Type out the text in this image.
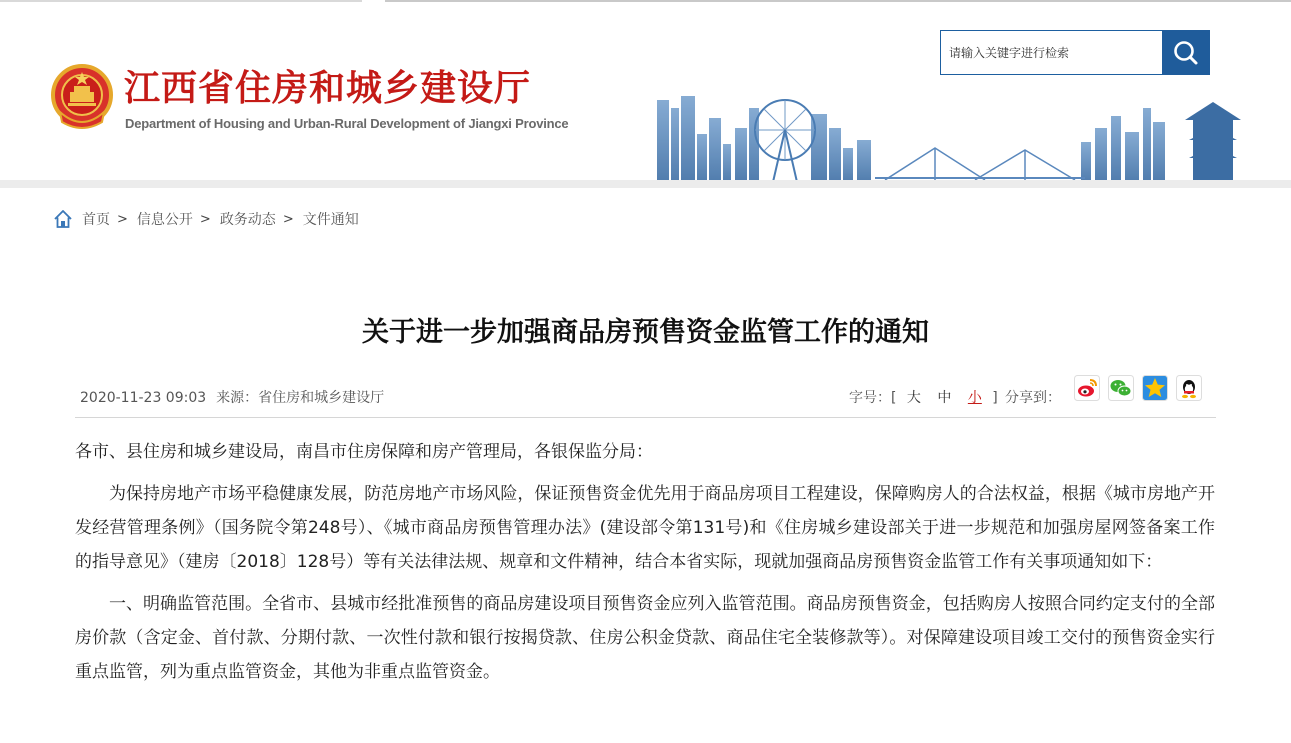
江西省住房和城乡建设厅
Department of Housing and Urban-Rural Development of Jiangxi Province
请输入关键字进行检索
首页 > 信息公开 > 政务动态 > 文件通知
关于进一步加强商品房预售资金监管工作的通知
2020-11-23 09:03 来源：省住房和城乡建设厅	字号：[ 大 中 小 ] 分享到：

各市、县住房和城乡建设局，南昌市住房保障和房产管理局，各银保监分局：

为保持房地产市场平稳健康发展，防范房地产市场风险，保证预售资金优先用于商品房项目工程建设，保障购房人的合法权益，根据《城市房地产开发经营管理条例》（国务院令第248号）、《城市商品房预售管理办法》(建设部令第131号)和《住房城乡建设部关于进一步规范和加强房屋网签备案工作的指导意见》（建房〔2018〕128号）等有关法律法规、规章和文件精神，结合本省实际，现就加强商品房预售资金监管工作有关事项通知如下：

一、明确监管范围。全省市、县城市经批准预售的商品房建设项目预售资金应列入监管范围。商品房预售资金，包括购房人按照合同约定支付的全部房价款（含定金、首付款、分期付款、一次性付款和银行按揭贷款、住房公积金贷款、商品住宅全装修款等）。对保障建设项目竣工交付的预售资金实行重点监管，列为重点监管资金，其他为非重点监管资金。
